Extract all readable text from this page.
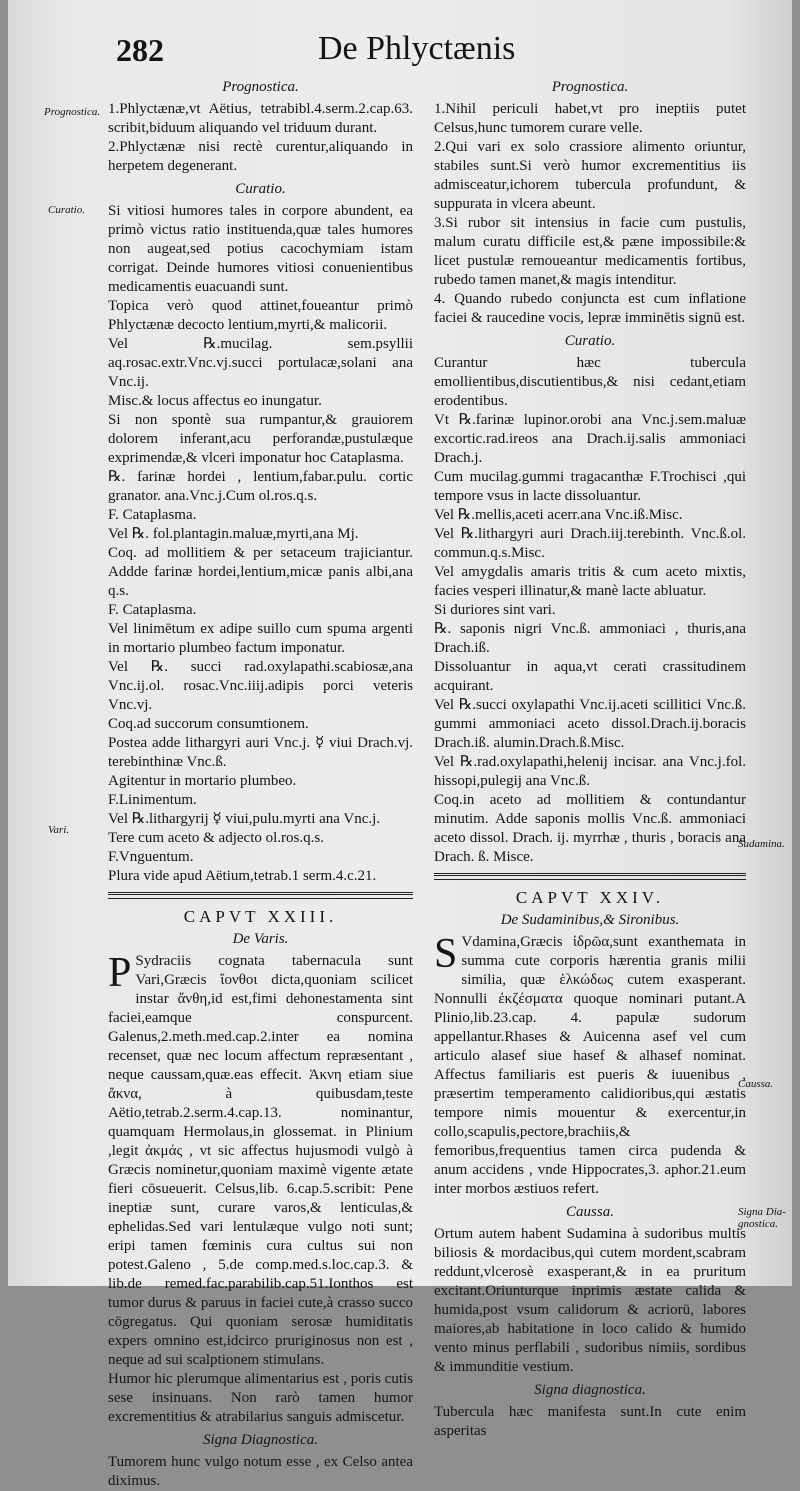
282	De Phlyctænis
Prognostica.
Curatio.
Vari.
Sudamina.
Caussa.
Signa Dia- gnostica.
Prognostica.

1.Phlyctænæ,vt Aëtius, tetrabibl.4.serm.2.cap.63. scribit,biduum aliquando vel triduum durant.

2.Phlyctænæ nisi rectè curentur,aliquando in herpetem degenerant.

Curatio.

Si vitiosi humores tales in corpore abundent, ea primò victus ratio instituenda,quæ tales humores non augeat,sed potius cacochymiam istam corrigat. Deinde humores vitiosi conuenientibus medicamentis euacuandi sunt.

Topica verò quod attinet,foueantur primò Phlyctænæ decocto lentium,myrti,& malicorii.

Vel ℞.mucilag. sem.psyllii aq.rosac.extr.Vnc.vj.succi portulacæ,solani ana Vnc.ij.

Misc.& locus affectus eo inungatur.

Si non spontè sua rumpantur,& grauiorem dolorem inferant,acu perforandæ,pustulæque exprimendæ,& vlceri imponatur hoc Cataplasma.

℞. farinæ hordei , lentium,fabar.pulu. cortic granator. ana.Vnc.j.Cum ol.ros.q.s.

F. Cataplasma.

Vel ℞. fol.plantagin.maluæ,myrti,ana Mj.

Coq. ad mollitiem & per setaceum trajiciantur. Addde farinæ hordei,lentium,micæ panis albi,ana q.s.

F. Cataplasma.

Vel linimētum ex adipe suillo cum spuma argenti in mortario plumbeo factum imponatur.

Vel ℞. succi rad.oxylapathi.scabiosæ,ana Vnc.ij.ol. rosac.Vnc.iiij.adipis porci veteris Vnc.vj.

Coq.ad succorum consumtionem.

Postea adde lithargyri auri Vnc.j. ☿ viui Drach.vj. terebinthinæ Vnc.ß.

Agitentur in mortario plumbeo.

F.Linimentum.

Vel ℞.lithargyrij ☿ viui,pulu.myrti ana Vnc.j.

Tere cum aceto & adjecto ol.ros.q.s.

F.Vnguentum.

Plura vide apud Aëtium,tetrab.1 serm.4.c.21.

CAPVT XXIII.
De Varis.

P Sydraciis cognata tabernacula sunt Vari,Græcis ἴονθοι dicta,quoniam scilicet instar ἄνθη,id est,fimi dehonestamenta sint faciei,eamque conspurcent. Galenus,2.meth.med.cap.2.inter ea nomina recenset, quæ nec locum affectum repræsentant , neque caussam,quæ.eas effecit. Ἀκνη etiam siue ἄκνα, à quibusdam,teste Aëtio,tetrab.2.serm.4.cap.13. nominantur, quamquam Hermolaus,in glossemat. in Plinium ,legit ἀκμάς , vt sic affectus hujusmodi vulgò à Græcis nominetur,quoniam maximè vigente ætate fieri cōsueuerit. Celsus,lib. 6.cap.5.scribit: Pene ineptiæ sunt, curare varos,& lenticulas,& ephelidas.Sed vari lentulæque vulgo noti sunt; eripi tamen fœminis cura cultus sui non potest.Galeno , 5.de comp.med.s.loc.cap.3. & lib.de remed.fac.parabilib.cap.51.Ionthos est tumor durus & paruus in faciei cute,à crasso succo cōgregatus. Qui quoniam serosæ humiditatis expers omnino est,idcirco pruriginosus non est , neque ad sui scalptionem stimulans.

Humor hic plerumque alimentarius est , poris cutis sese insinuans. Non rarò tamen humor excrementitius & atrabilarius sanguis admiscetur.

Signa Diagnostica.

Tumorem hunc vulgo notum esse , ex Celso antea diximus.

Prognostica.

1.Nihil periculi habet,vt pro ineptiis putet Celsus,hunc tumorem curare velle.

2.Qui vari ex solo crassiore alimento oriuntur, stabiles sunt.Si verò humor excrementitius iis admisceatur,ichorem tubercula profundunt, & suppurata in vlcera abeunt.

3.Si rubor sit intensius in facie cum pustulis, malum curatu difficile est,& pæne impossibile:& licet pustulæ remoueantur medicamentis fortibus, rubedo tamen manet,& magis intenditur.

4. Quando rubedo conjuncta est cum inflatione faciei & raucedine vocis, lepræ imminētis signū est.

Curatio.

Curantur hæc tubercula emollientibus,discutientibus,& nisi cedant,etiam erodentibus.

Vt ℞.farinæ lupinor.orobi ana Vnc.j.sem.maluæ excortic.rad.ireos ana Drach.ij.salis ammoniaci Drach.j.

Cum mucilag.gummi tragacanthæ F.Trochisci ,qui tempore vsus in lacte dissoluantur.

Vel ℞.mellis,aceti acerr.ana Vnc.iß.Misc.

Vel ℞.lithargyri auri Drach.iij.terebinth. Vnc.ß.ol. commun.q.s.Misc.

Vel amygdalis amaris tritis & cum aceto mixtis, facies vesperi illinatur,& manè lacte abluatur.

Si duriores sint vari.

℞. saponis nigri Vnc.ß. ammoniaci , thuris,ana Drach.iß.

Dissoluantur in aqua,vt cerati crassitudinem acquirant.

Vel ℞.succi oxylapathi Vnc.ij.aceti scillitici Vnc.ß. gummi ammoniaci aceto dissol.Drach.ij.boracis Drach.iß. alumin.Drach.ß.Misc.

Vel ℞.rad.oxylapathi,helenij incisar. ana Vnc.j.fol. hissopi,pulegij ana Vnc.ß.

Coq.in aceto ad mollitiem & contundantur minutim. Adde saponis mollis Vnc.ß. ammoniaci aceto dissol. Drach. ij. myrrhæ , thuris , boracis ana Drach. ß. Misce.

CAPVT XXIV.
De Sudaminibus,& Sironibus.

S Vdamina,Græcis ἱδρῶα,sunt exanthemata in summa cute corporis hærentia granis milii similia, quæ ἑλκώδως cutem exasperant. Nonnulli ἐκζέσματα quoque nominari putant.A Plinio,lib.23.cap. 4. papulæ sudorum appellantur.Rhases & Auicenna asef vel cum articulo alasef siue hasef & alhasef nominat. Affectus familiaris est pueris & iuuenibus , præsertim temperamento calidioribus,qui æstatis tempore nimis mouentur & exercentur,in collo,scapulis,pectore,brachiis,& femoribus,frequentius tamen circa pudenda & anum accidens , vnde Hippocrates,3. aphor.21.eum inter morbos æstiuos refert.

Caussa.

Ortum autem habent Sudamina à sudoribus multis biliosis & mordacibus,qui cutem mordent,scabram reddunt,vlcerosè exasperant,& in ea pruritum excitant.Oriunturque inprimis æstate calida & humida,post vsum calidorum & acriorū, labores maiores,ab habitatione in loco calido & humido vento minus perflabili , sudoribus nimiis, sordibus & immunditie vestium.

Signa diagnostica.

Tubercula hæc manifesta sunt.In cute enim asperitas
